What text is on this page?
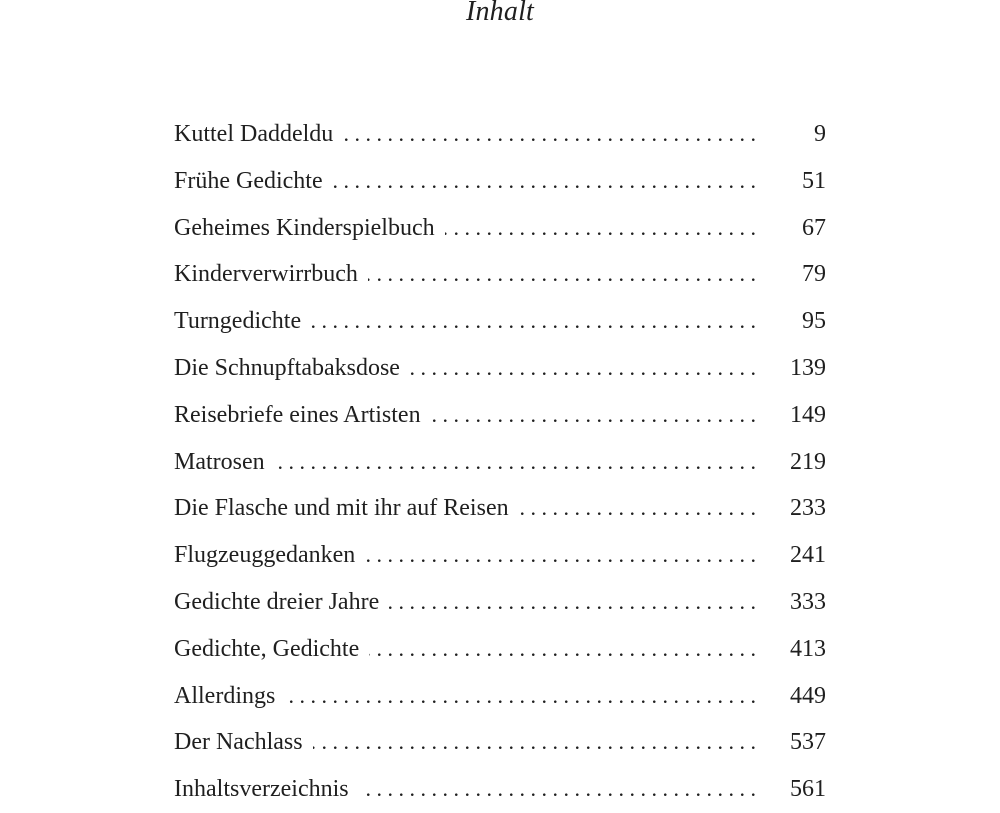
Inhalt
Kuttel Daddeldu . . .	9
Frühe Gedichte . . .	51
Geheimes Kinderspielbuch . . .	67
Kinderverwirrbuch . . .	79
Turngedichte . . .	95
Die Schnupftabaksdose . . .	139
Reisebriefe eines Artisten . . .	149
Matrosen . . .	219
Die Flasche und mit ihr auf Reisen . . .	233
Flugzeuggedanken . . .	241
Gedichte dreier Jahre . . .	333
Gedichte, Gedichte . . .	413
Allerdings . . .	449
Der Nachlass . . .	537
Inhaltsverzeichnis . . .	561
